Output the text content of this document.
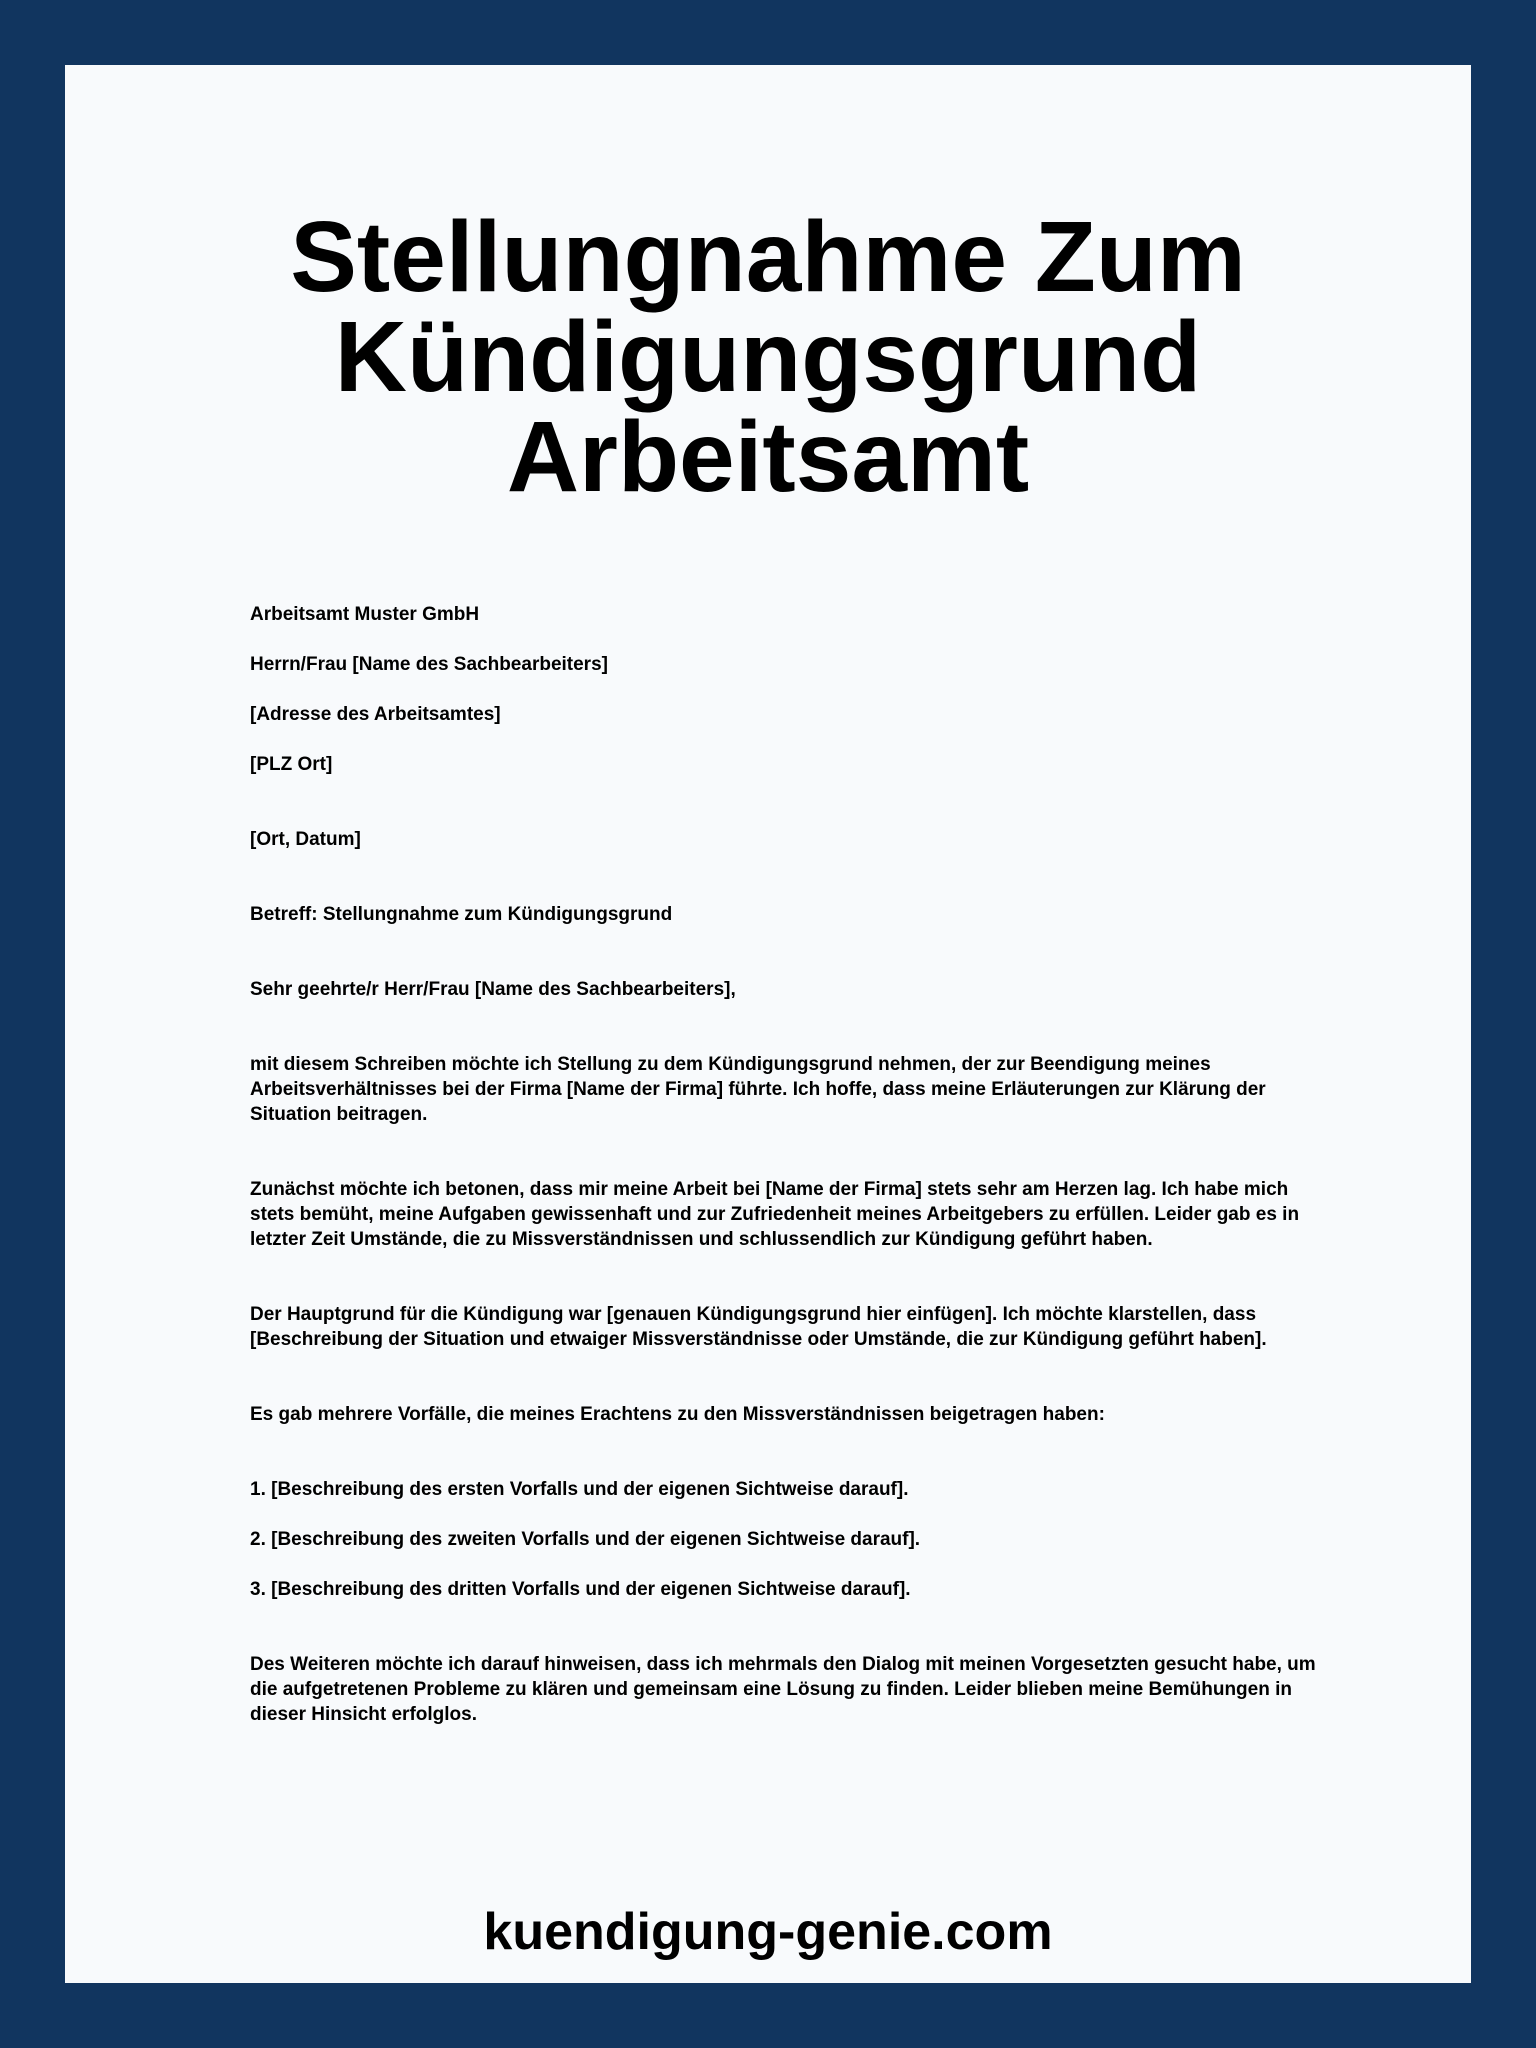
Stellungnahme Zum
Kündigungsgrund
Arbeitsamt

Arbeitsamt Muster GmbH

Herrn/Frau [Name des Sachbearbeiters]

[Adresse des Arbeitsamtes]

[PLZ Ort]

[Ort, Datum]

Betreff: Stellungnahme zum Kündigungsgrund

Sehr geehrte/r Herr/Frau [Name des Sachbearbeiters],

mit diesem Schreiben möchte ich Stellung zu dem Kündigungsgrund nehmen, der zur Beendigung meines Arbeitsverhältnisses bei der Firma [Name der Firma] führte. Ich hoffe, dass meine Erläuterungen zur Klärung der Situation beitragen.

Zunächst möchte ich betonen, dass mir meine Arbeit bei [Name der Firma] stets sehr am Herzen lag. Ich habe mich stets bemüht, meine Aufgaben gewissenhaft und zur Zufriedenheit meines Arbeitgebers zu erfüllen. Leider gab es in letzter Zeit Umstände, die zu Missverständnissen und schlussendlich zur Kündigung geführt haben.

Der Hauptgrund für die Kündigung war [genauen Kündigungsgrund hier einfügen]. Ich möchte klarstellen, dass [Beschreibung der Situation und etwaiger Missverständnisse oder Umstände, die zur Kündigung geführt haben].

Es gab mehrere Vorfälle, die meines Erachtens zu den Missverständnissen beigetragen haben:

1. [Beschreibung des ersten Vorfalls und der eigenen Sichtweise darauf].

2. [Beschreibung des zweiten Vorfalls und der eigenen Sichtweise darauf].

3. [Beschreibung des dritten Vorfalls und der eigenen Sichtweise darauf].

Des Weiteren möchte ich darauf hinweisen, dass ich mehrmals den Dialog mit meinen Vorgesetzten gesucht habe, um die aufgetretenen Probleme zu klären und gemeinsam eine Lösung zu finden. Leider blieben meine Bemühungen in dieser Hinsicht erfolglos.

kuendigung-genie.com
